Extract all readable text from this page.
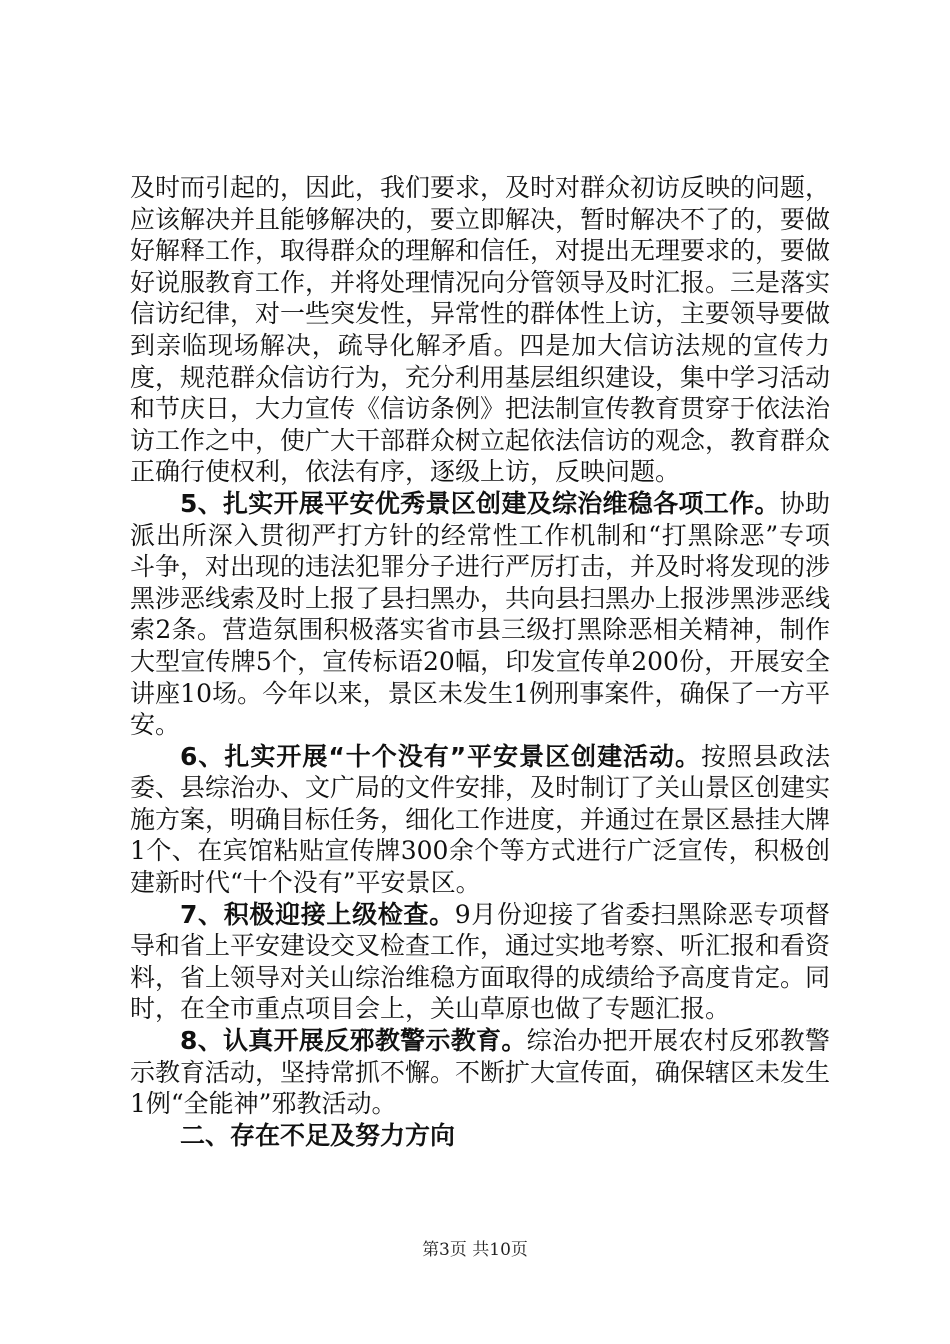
及时而引起的，因此，我们要求，及时对群众初访反映的问题，应该解决并且能够解决的，要立即解决，暂时解决不了的，要做好解释工作，取得群众的理解和信任，对提出无理要求的，要做好说服教育工作，并将处理情况向分管领导及时汇报。三是落实信访纪律，对一些突发性，异常性的群体性上访，主要领导要做到亲临现场解决，疏导化解矛盾。四是加大信访法规的宣传力度，规范群众信访行为，充分利用基层组织建设，集中学习活动和节庆日，大力宣传《信访条例》把法制宣传教育贯穿于依法治访工作之中，使广大干部群众树立起依法信访的观念，教育群众正确行使权利，依法有序，逐级上访，反映问题。

5、扎实开展平安优秀景区创建及综治维稳各项工作。协助派出所深入贯彻严打方针的经常性工作机制和“打黑除恶”专项斗争，对出现的违法犯罪分子进行严厉打击，并及时将发现的涉黑涉恶线索及时上报了县扫黑办，共向县扫黑办上报涉黑涉恶线索2条。营造氛围积极落实省市县三级打黑除恶相关精神，制作大型宣传牌5个，宣传标语20幅，印发宣传单200份，开展安全讲座10场。今年以来，景区未发生1例刑事案件，确保了一方平安。

6、扎实开展“十个没有”平安景区创建活动。按照县政法委、县综治办、文广局的文件安排，及时制订了关山景区创建实施方案，明确目标任务，细化工作进度，并通过在景区悬挂大牌1个、在宾馆粘贴宣传牌300余个等方式进行广泛宣传，积极创建新时代“十个没有”平安景区。

7、积极迎接上级检查。9月份迎接了省委扫黑除恶专项督导和省上平安建设交叉检查工作，通过实地考察、听汇报和看资料，省上领导对关山综治维稳方面取得的成绩给予高度肯定。同时，在全市重点项目会上，关山草原也做了专题汇报。

8、认真开展反邪教警示教育。综治办把开展农村反邪教警示教育活动，坚持常抓不懈。不断扩大宣传面，确保辖区未发生1例“全能神”邪教活动。

二、存在不足及努力方向

第3页 共10页
